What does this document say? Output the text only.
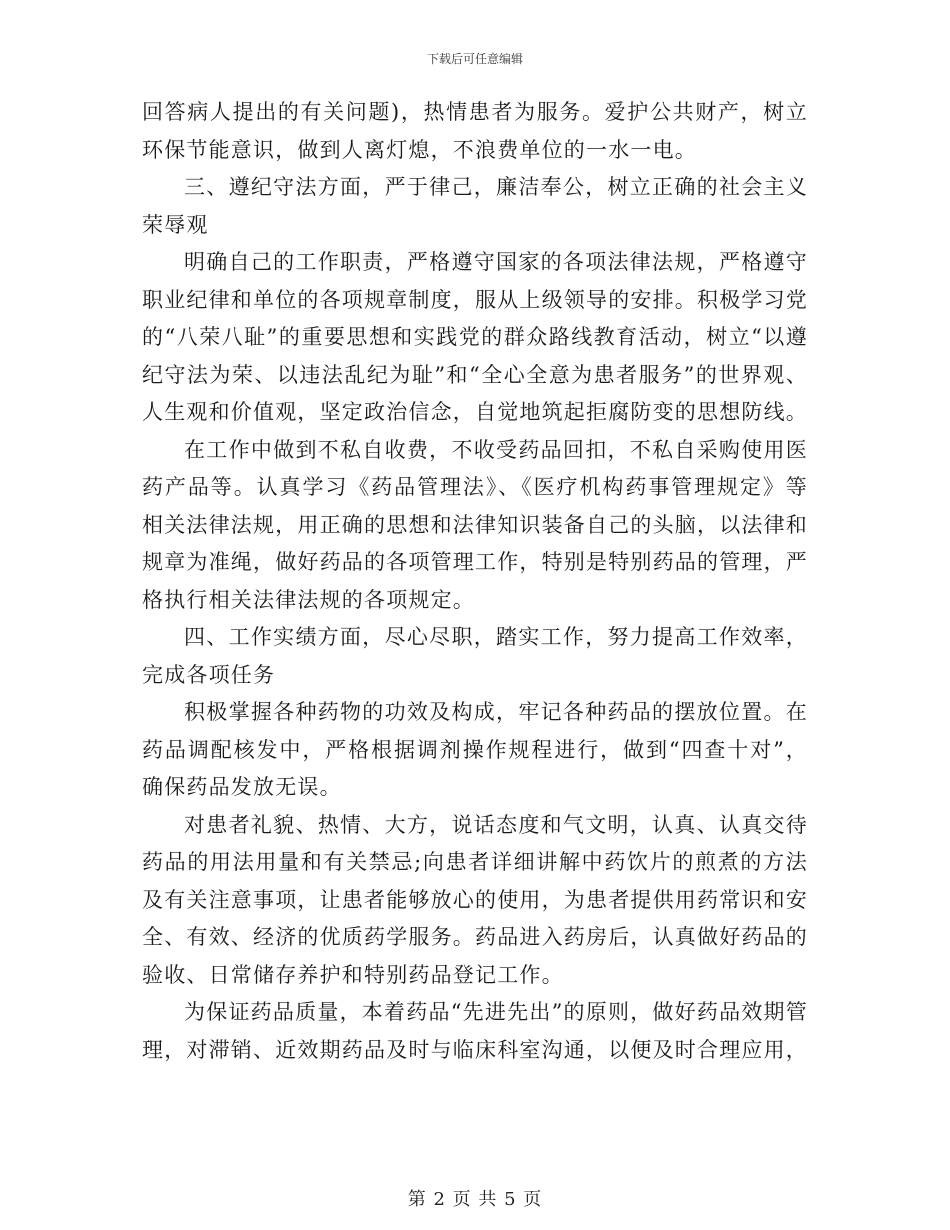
下载后可任意编辑

回答病人提出的有关问题)，热情患者为服务。爱护公共财产，树立环保节能意识，做到人离灯熄，不浪费单位的一水一电。

三、遵纪守法方面，严于律己，廉洁奉公，树立正确的社会主义荣辱观

明确自己的工作职责，严格遵守国家的各项法律法规，严格遵守职业纪律和单位的各项规章制度，服从上级领导的安排。积极学习党的“八荣八耻”的重要思想和实践党的群众路线教育活动，树立“以遵纪守法为荣、以违法乱纪为耻”和“全心全意为患者服务”的世界观、人生观和价值观，坚定政治信念，自觉地筑起拒腐防变的思想防线。

在工作中做到不私自收费，不收受药品回扣，不私自采购使用医药产品等。认真学习《药品管理法》、《医疗机构药事管理规定》等相关法律法规，用正确的思想和法律知识装备自己的头脑，以法律和规章为准绳，做好药品的各项管理工作，特别是特别药品的管理，严格执行相关法律法规的各项规定。

四、工作实绩方面，尽心尽职，踏实工作，努力提高工作效率，完成各项任务

积极掌握各种药物的功效及构成，牢记各种药品的摆放位置。在药品调配核发中，严格根据调剂操作规程进行，做到“四查十对”，确保药品发放无误。

对患者礼貌、热情、大方，说话态度和气文明，认真、认真交待药品的用法用量和有关禁忌;向患者详细讲解中药饮片的煎煮的方法及有关注意事项，让患者能够放心的使用，为患者提供用药常识和安全、有效、经济的优质药学服务。药品进入药房后，认真做好药品的验收、日常储存养护和特别药品登记工作。

为保证药品质量，本着药品“先进先出”的原则，做好药品效期管理，对滞销、近效期药品及时与临床科室沟通，以便及时合理应用，

第 2 页 共 5 页
